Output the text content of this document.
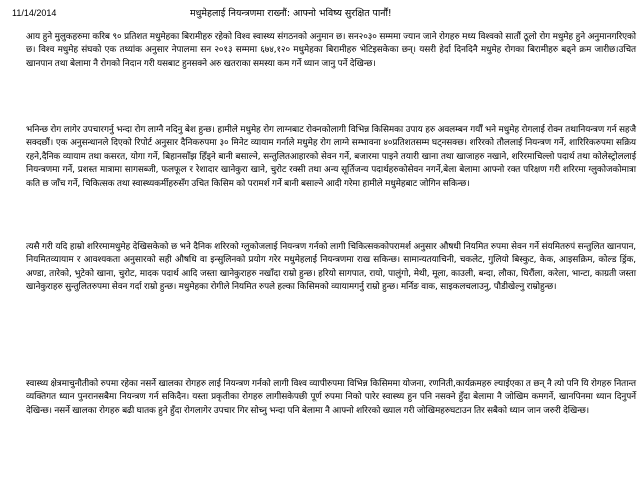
11/14/2014	मधुमेहलाई नियन्त्रणमा राख्नौं: आफ्नो भविष्य सुरक्षित पार्नौं!

आय हुने मुलुकहरुमा करिब ९० प्रतिशत मधुमेहका बिरामीहरु रहेको विश्व स्वास्थ्य संगठनको अनुमान छ। सन२०३० सम्ममा ज्यान जाने रोगहरु मध्य विश्वको सातौं ठूलो रोग मधुमेह हुने अनुमानगरिएको छ। विश्व मधुमेह संघको एक तथ्यांक अनुसार नेपालमा सन २०१३ सम्ममा ६७४,१२० मधुमेहका बिरामीहरु भेटिइसकेका छन्। यसरी हेर्दा दिनदिनै मधुमेह रोगका बिरामीहरु बढ्ने क्रम जारीछ।उचित खानपान तथा बेलामा नै रोगको निदान गरी यसबाट हुनसक्ने अरु खतराका समस्या कम गर्ने ध्यान जानु पर्ने देखिन्छ।

भनिन्छ रोग लागेर उपचारगर्नु भन्दा रोग लाग्नै नदिनु बेश हुन्छ। हामीले मधुमेह रोग लाग्नबाट रोक्नकोलागी विभिन्न किसिमका उपाय हरु अवलम्बन गर्यौं भने मधुमेह रोगलाई रोक्न तथानियन्त्रण गर्न सहजै सक्दछौं। एक अनुसन्धानले दिएको रिपोर्ट अनुसार दैनिकरुपमा ३० मिनेट व्यायाम गर्नाले मधुमेह रोग लाग्ने सम्भावना ४०प्रतिशतसम्म घट्नसक्छ। शरिरको तौललाई नियन्त्रण गर्ने, शारिरिकरुपमा सक्रिय रहने,दैनिक व्यायाम तथा कसरत, योगा गर्ने, बिहानसाँझ हिँड्ने बानी बसाल्ने, सन्तुलितआहारको सेवन गर्ने, बजारमा पाइने तयारी खाना तथा खाजाहरु नखाने, शरिरमाचिल्लो पदार्थ तथा कोलेस्ट्रोललाई नियन्त्रणमा गर्ने, प्रशस्त मात्रामा सागसब्जी, फलफूल र रेशादार खानेकुरा खाने, चुरोट रक्सी तथा अन्य सूर्तिजन्य पदार्थहरुकोसेवन नगर्ने,बेला बेलामा आफ्नो रक्त परिक्षण गरी शरिरमा ग्लुकोजकोमात्रा कति छ जाँच गर्ने, चिकित्सक तथा स्वास्थ्यकर्मीहरुसँग उचित किसिम को परामर्श गर्ने बानी बसाल्ने आदी गरेमा हामीले मधुमेहबाट जोगिन सकिन्छ।

त्यसै गरी यदि हाम्रो शरिरमामधुमेह देखिसकेको छ भने दैनिक शरिरको ग्लुकोजलाई नियन्त्रण गर्नको लागी चिकित्सककोपरामर्श अनुसार औषधी नियमित रुपमा सेवन गर्ने संयमितरुपं सन्तुलित खानपान, नियमितव्यायाम र आवश्यकता अनुसारको सही औषधि वा इन्सुलिनको प्रयोग गरेर मधुमेहलाई नियन्त्रणमा राख सकिन्छ। सामान्यतयाचिनी, चकलेट, गुलियो बिस्कुट, केक, आइसक्रिम, कोल्ड ड्रिंक, अण्डा, तारेको, भुटेको खाना, चुरोट, मादक पदार्थ आदि जस्ता खानेकुराहरु नखाँदा राम्रो हुन्छ। हरियो सागपात, रायो, पालुंगो, मेथी, मूला, काउली, बन्दा, लौका, घिरौंला, करेला, भान्टा, काग्रती जस्ता खानेकुराहरु सुन्तुलितरुपमा सेवन गर्दा राम्रो हुन्छ। मधुमेहका रोगीले नियमित रुपले हल्का किसिमको व्यायामगर्नु राम्रो हुन्छ। मर्निङ वाक, साइकलचलाउनु, पौडीखेल्नु राम्रोहुन्छ।

स्वास्थ्य क्षेत्रमाचुनौतीको रुपमा रहेका नसर्ने खालका रोगहरु लाई नियन्त्रण गर्नको लागी विश्व व्यापीरुपमा विभिन्न किसिममा योजना, रणनिती,कार्यक्रमहरु ल्याईएका त छन् नै त्यो पनि यि रोगहरु नितान्त व्यक्तिगत ध्यान पुनरानसबैमा नियन्त्रण गर्न सकिदैन। यस्ता प्रकृतीका रोगहरु लागीसकेपछी पूर्ण रुपमा निको पारेर स्वास्थ्य हुन पनि नसक्ने हुँदा बेलामा नै जोखिम कमगर्ने, खानपिनमा ध्यान दिनुपर्ने देखिन्छ। नसर्ने खालका रोगहरु बढी घातक हुने हुँदा रोगलागेर उपचार गिर सोच्नु भन्दा पनि बेलामा नै आफ्नो शरिरको ख्याल गरी जोखिमहरुघटाउन तिर सबैको ध्यान जान जरुरी देखिन्छ।
